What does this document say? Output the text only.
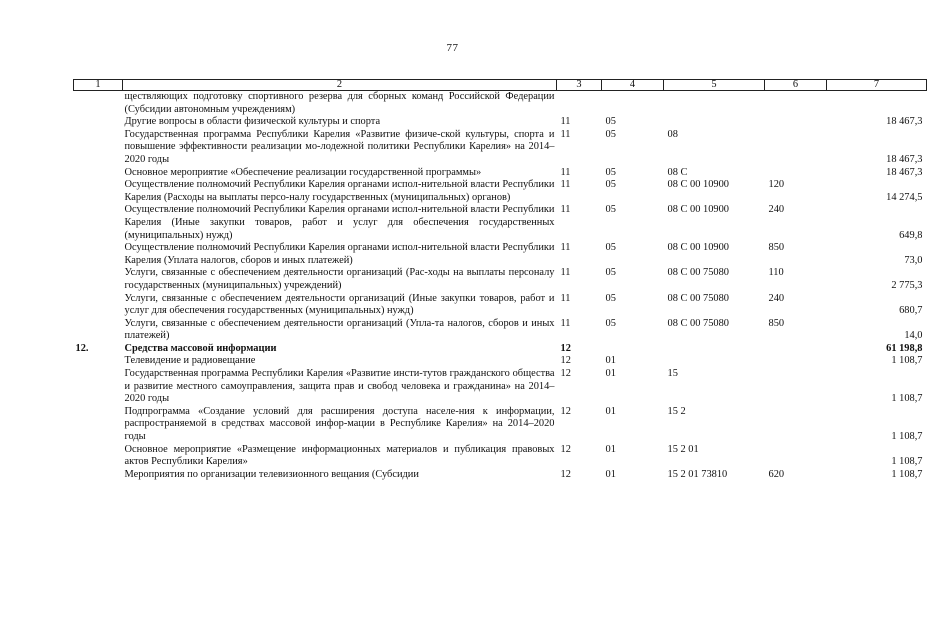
77
1	2	3	4	5	6	7
	ществляющих подготовку спортивного резерва для сборных команд Российской Федерации (Субсидии автономным учреждениям)					
	Другие вопросы в области физической культуры и спорта	11	05			18 467,3
	Государственная программа Республики Карелия «Развитие физиче-ской культуры, спорта и повышение эффективности реализации мо-лодежной политики Республики Карелия» на 2014–2020 годы	11	05	08		18 467,3
	Основное мероприятие «Обеспечение реализации государственной программы»	11	05	08 С		18 467,3
	Осуществление полномочий Республики Карелия органами испол-нительной власти Республики Карелия (Расходы на выплаты персо-налу государственных (муниципальных) органов)	11	05	08 С 00 10900	120	14 274,5
	Осуществление полномочий Республики Карелия органами испол-нительной власти Республики Карелия (Иные закупки товаров, работ и услуг для обеспечения государственных (муниципальных) нужд)	11	05	08 С 00 10900	240	649,8
	Осуществление полномочий Республики Карелия органами испол-нительной власти Республики Карелия (Уплата налогов, сборов и иных платежей)	11	05	08 С 00 10900	850	73,0
	Услуги, связанные с обеспечением деятельности организаций (Рас-ходы на выплаты персоналу государственных (муниципальных) учреждений)	11	05	08 С 00 75080	110	2 775,3
	Услуги, связанные с обеспечением деятельности организаций (Иные закупки товаров, работ и услуг для обеспечения государственных (муниципальных) нужд)	11	05	08 С 00 75080	240	680,7
	Услуги, связанные с обеспечением деятельности организаций (Упла-та налогов, сборов и иных платежей)	11	05	08 С 00 75080	850	14,0
12.	Средства массовой информации	12				61 198,8
	Телевидение и радиовещание	12	01			1 108,7
	Государственная программа Республики Карелия «Развитие инсти-тутов гражданского общества и развитие местного самоуправления, защита прав и свобод человека и гражданина» на 2014–2020 годы	12	01	15		1 108,7
	Подпрограмма «Создание условий для расширения доступа населе-ния к информации, распространяемой в средствах массовой инфор-мации в Республике Карелия» на 2014–2020 годы	12	01	15 2		1 108,7
	Основное мероприятие «Размещение информационных материалов и публикация правовых актов Республики Карелия»	12	01	15 2 01		1 108,7
	Мероприятия по организации телевизионного вещания (Субсидии	12	01	15 2 01 73810	620	1 108,7
